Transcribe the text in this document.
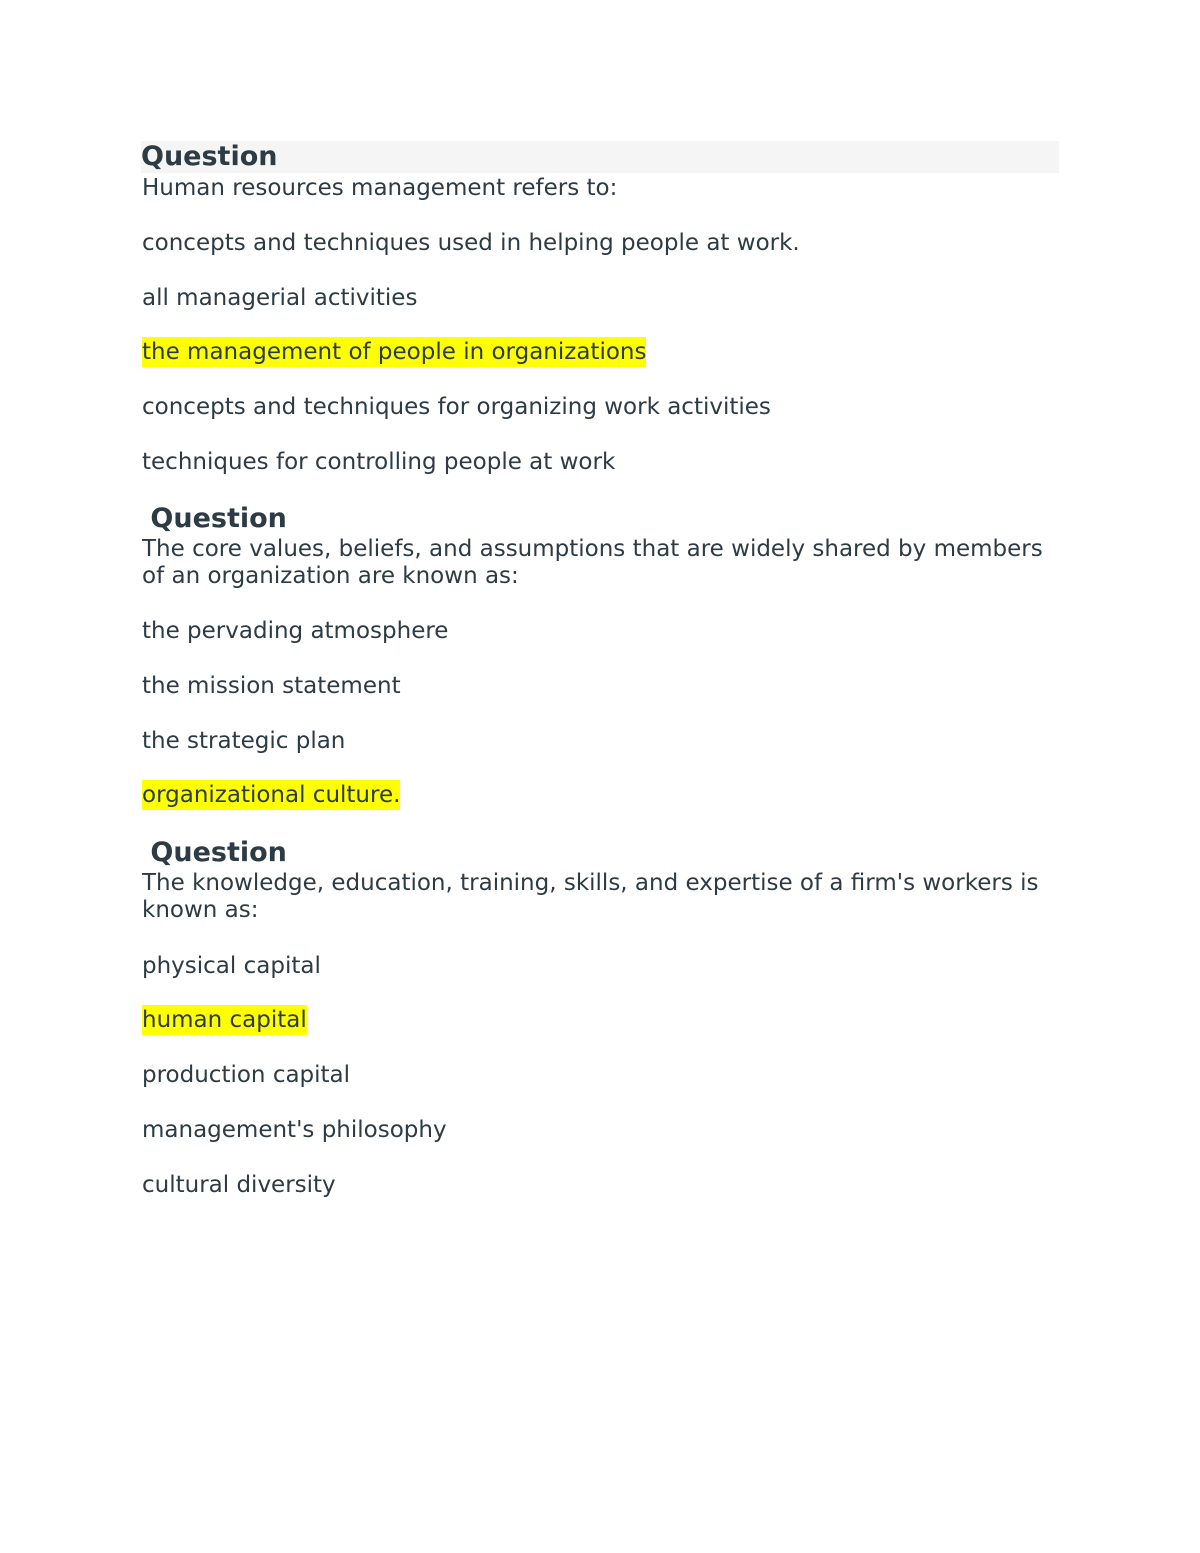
Question

Human resources management refers to:

concepts and techniques used in helping people at work.
all managerial activities
the management of people in organizations
concepts and techniques for organizing work activities
techniques for controlling people at work
Question

The core values, beliefs, and assumptions that are widely shared by members of an organization are known as:

the pervading atmosphere
the mission statement
the strategic plan
organizational culture.
Question

The knowledge, education, training, skills, and expertise of a firm's workers is known as:

physical capital
human capital
production capital
management's philosophy
cultural diversity
